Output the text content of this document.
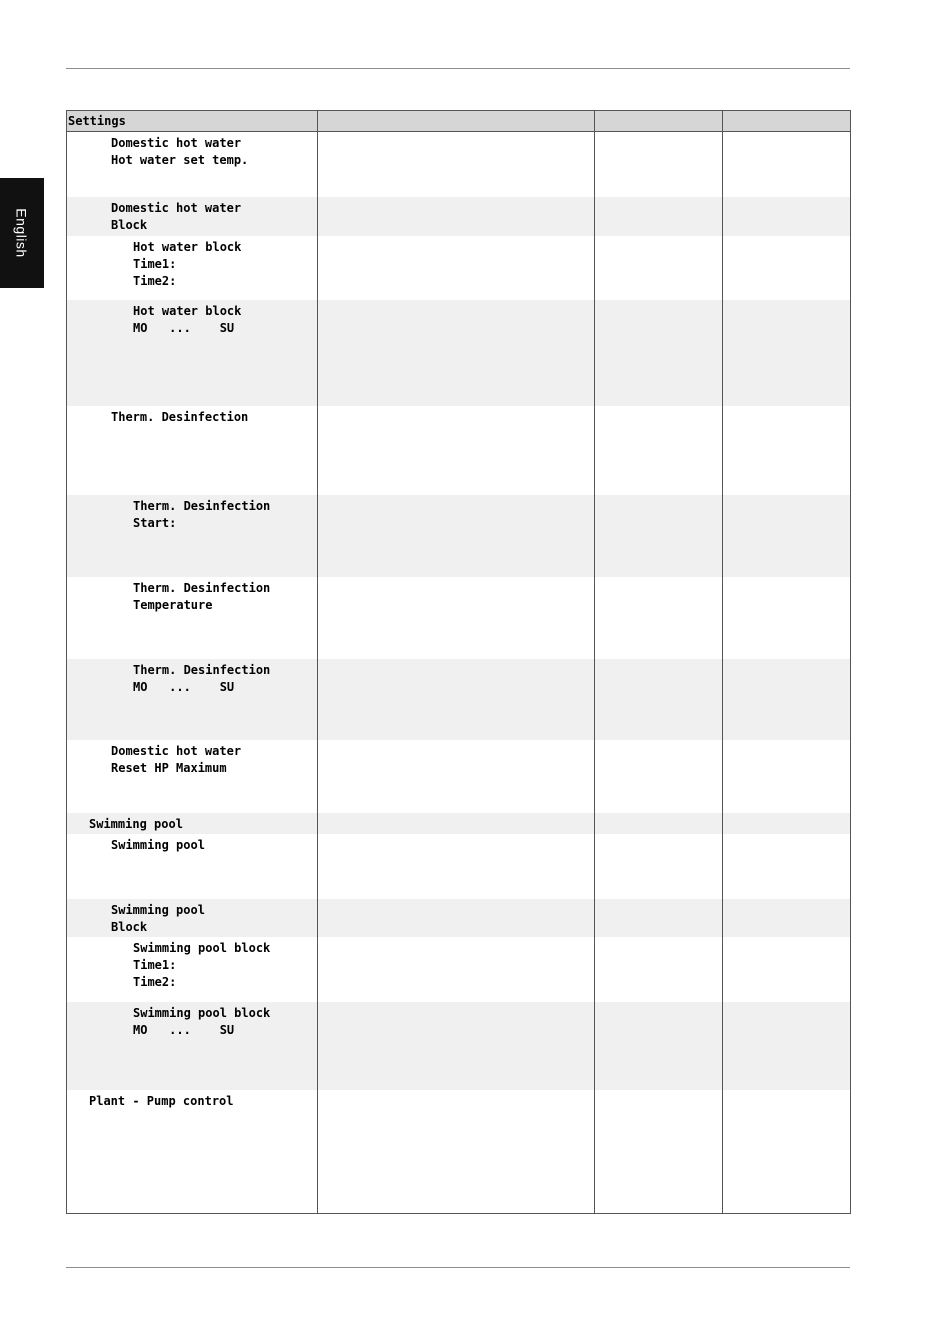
English
Settings			

Domestic hot water
Hot water set temp.			

Domestic hot water
Block			

Hot water block
Time1:
Time2:			

Hot water block
MO   ...    SU			

Therm. Desinfection			

Therm. Desinfection
Start:			

Therm. Desinfection
Temperature			

Therm. Desinfection
MO   ...    SU			

Domestic hot water
Reset HP Maximum			

Swimming pool			

Swimming pool			

Swimming pool
Block			

Swimming pool block
Time1:
Time2:			

Swimming pool block
MO   ...    SU			

Plant - Pump control			
